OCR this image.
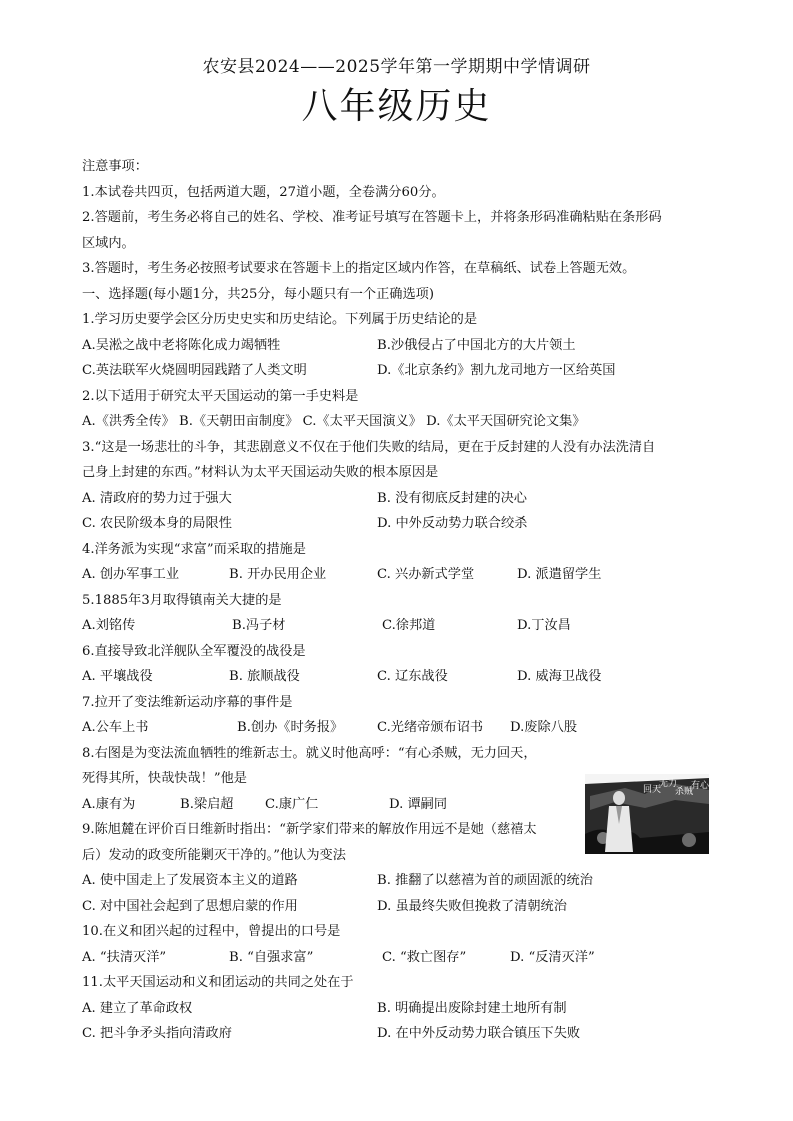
农安县2024——2025学年第一学期期中学情调研
八年级历史
注意事项：
1.本试卷共四页，包括两道大题，27道小题，全卷满分60分。
2.答题前，考生务必将自己的姓名、学校、准考证号填写在答题卡上，并将条形码准确粘贴在条形码
区域内。
3.答题时，考生务必按照考试要求在答题卡上的指定区域内作答，在草稿纸、试卷上答题无效。
一、选择题(每小题1分，共25分，每小题只有一个正确选项)
1.学习历史要学会区分历史史实和历史结论。下列属于历史结论的是
A.吴淞之战中老将陈化成力竭牺牲	B.沙俄侵占了中国北方的大片领土
C.英法联军火烧圆明园践踏了人类文明	D.《北京条约》割九龙司地方一区给英国
2.以下适用于研究太平天国运动的第一手史料是
A.《洪秀全传》 B.《天朝田亩制度》 C.《太平天国演义》 D.《太平天国研究论文集》
3.“这是一场悲壮的斗争，其悲剧意义不仅在于他们失败的结局，更在于反封建的人没有办法洗清自
己身上封建的东西。”材料认为太平天国运动失败的根本原因是
A. 清政府的势力过于强大	B. 没有彻底反封建的决心
C. 农民阶级本身的局限性	D. 中外反动势力联合绞杀
4.洋务派为实现“求富”而采取的措施是
A. 创办军事工业	B. 开办民用企业	C. 兴办新式学堂	D. 派遣留学生
5.1885年3月取得镇南关大捷的是
A.刘铭传	B.冯子材	C.徐邦道	D.丁汝昌
6.直接导致北洋舰队全军覆没的战役是
A. 平壤战役	B. 旅顺战役	C. 辽东战役	D. 威海卫战役
7.拉开了变法维新运动序幕的事件是
A.公车上书	B.创办《时务报》	C.光绪帝颁布诏书 D.废除八股
8.右图是为变法流血牺牲的维新志士。就义时他高呼：“有心杀贼，无力回天，
死得其所，快哉快哉！”他是
A.康有为	B.梁启超 C.康广仁	D. 谭嗣同
9.陈旭麓在评价百日维新时指出：“新学家们带来的解放作用远不是她（慈禧太
后）发动的政变所能剿灭干净的。”他认为变法
A. 使中国走上了发展资本主义的道路	B. 推翻了以慈禧为首的顽固派的统治
C. 对中国社会起到了思想启蒙的作用	D. 虽最终失败但挽救了清朝统治
10.在义和团兴起的过程中，曾提出的口号是
A. “扶清灭洋”	B. “自强求富”	C. “救亡图存”	D. “反清灭洋”
11.太平天国运动和义和团运动的共同之处在于
A. 建立了革命政权	B. 明确提出废除封建土地所有制
C. 把斗争矛头指向清政府	D. 在中外反动势力联合镇压下失败
有心
杀贼
无力
回天
